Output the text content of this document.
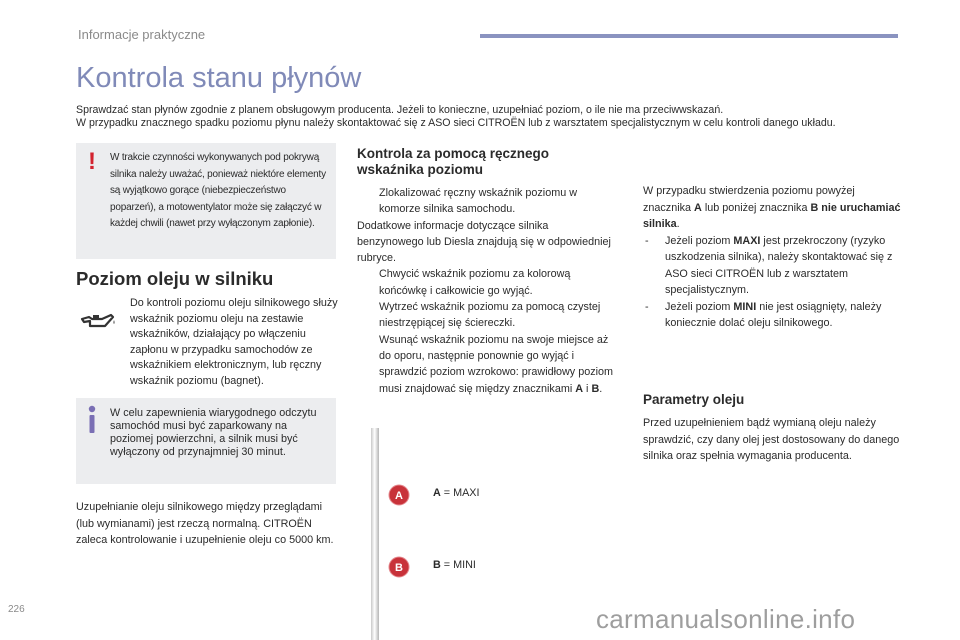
Informacje praktyczne
Kontrola stanu płynów
Sprawdzać stan płynów zgodnie z planem obsługowym producenta. Jeżeli to konieczne, uzupełniać poziom, o ile nie ma przeciwwskazań.
W przypadku znacznego spadku poziomu płynu należy skontaktować się z ASO sieci CITROËN lub z warsztatem specjalistycznym w celu kontroli danego układu.
!	W trakcie czynności wykonywanych pod pokrywą silnika należy uważać, ponieważ niektóre elementy są wyjątkowo gorące (niebezpieczeństwo poparzeń), a motowentylator może się załączyć w każdej chwili (nawet przy wyłączonym zapłonie).
Poziom oleju w silniku
Do kontroli poziomu oleju silnikowego służy wskaźnik poziomu oleju na zestawie wskaźników, działający po włączeniu zapłonu w przypadku samochodów ze wskaźnikiem elektronicznym, lub ręczny wskaźnik poziomu (bagnet).
W celu zapewnienia wiarygodnego odczytu samochód musi być zaparkowany na poziomej powierzchni, a silnik musi być wyłączony od przynajmniej 30 minut.
Uzupełnianie oleju silnikowego między przeglądami (lub wymianami) jest rzeczą normalną. CITROËN zaleca kontrolowanie i uzupełnienie oleju co 5000 km.
Kontrola za pomocą ręcznego wskaźnika poziomu
Zlokalizować ręczny wskaźnik poziomu w komorze silnika samochodu.
Dodatkowe informacje dotyczące silnika benzynowego lub Diesla znajdują się w odpowiedniej rubryce.
Chwycić wskaźnik poziomu za kolorową końcówkę i całkowicie go wyjąć.
Wytrzeć wskaźnik poziomu za pomocą czystej niestrzępiącej się ściereczki.
Wsunąć wskaźnik poziomu na swoje miejsce aż do oporu, następnie ponownie go wyjąć i sprawdzić poziom wzrokowo: prawidłowy poziom musi znajdować się między znacznikami A i B.
A
B
A = MAXI
B = MINI
W przypadku stwierdzenia poziomu powyżej znacznika A lub poniżej znacznika B nie uruchamiać silnika.
- Jeżeli poziom MAXI jest przekroczony (ryzyko uszkodzenia silnika), należy skontaktować się z ASO sieci CITROËN lub z warsztatem specjalistycznym.
- Jeżeli poziom MINI nie jest osiągnięty, należy koniecznie dolać oleju silnikowego.
Parametry oleju
Przed uzupełnieniem bądź wymianą oleju należy sprawdzić, czy dany olej jest dostosowany do danego silnika oraz spełnia wymagania producenta.
226	carmanualsonline.info
